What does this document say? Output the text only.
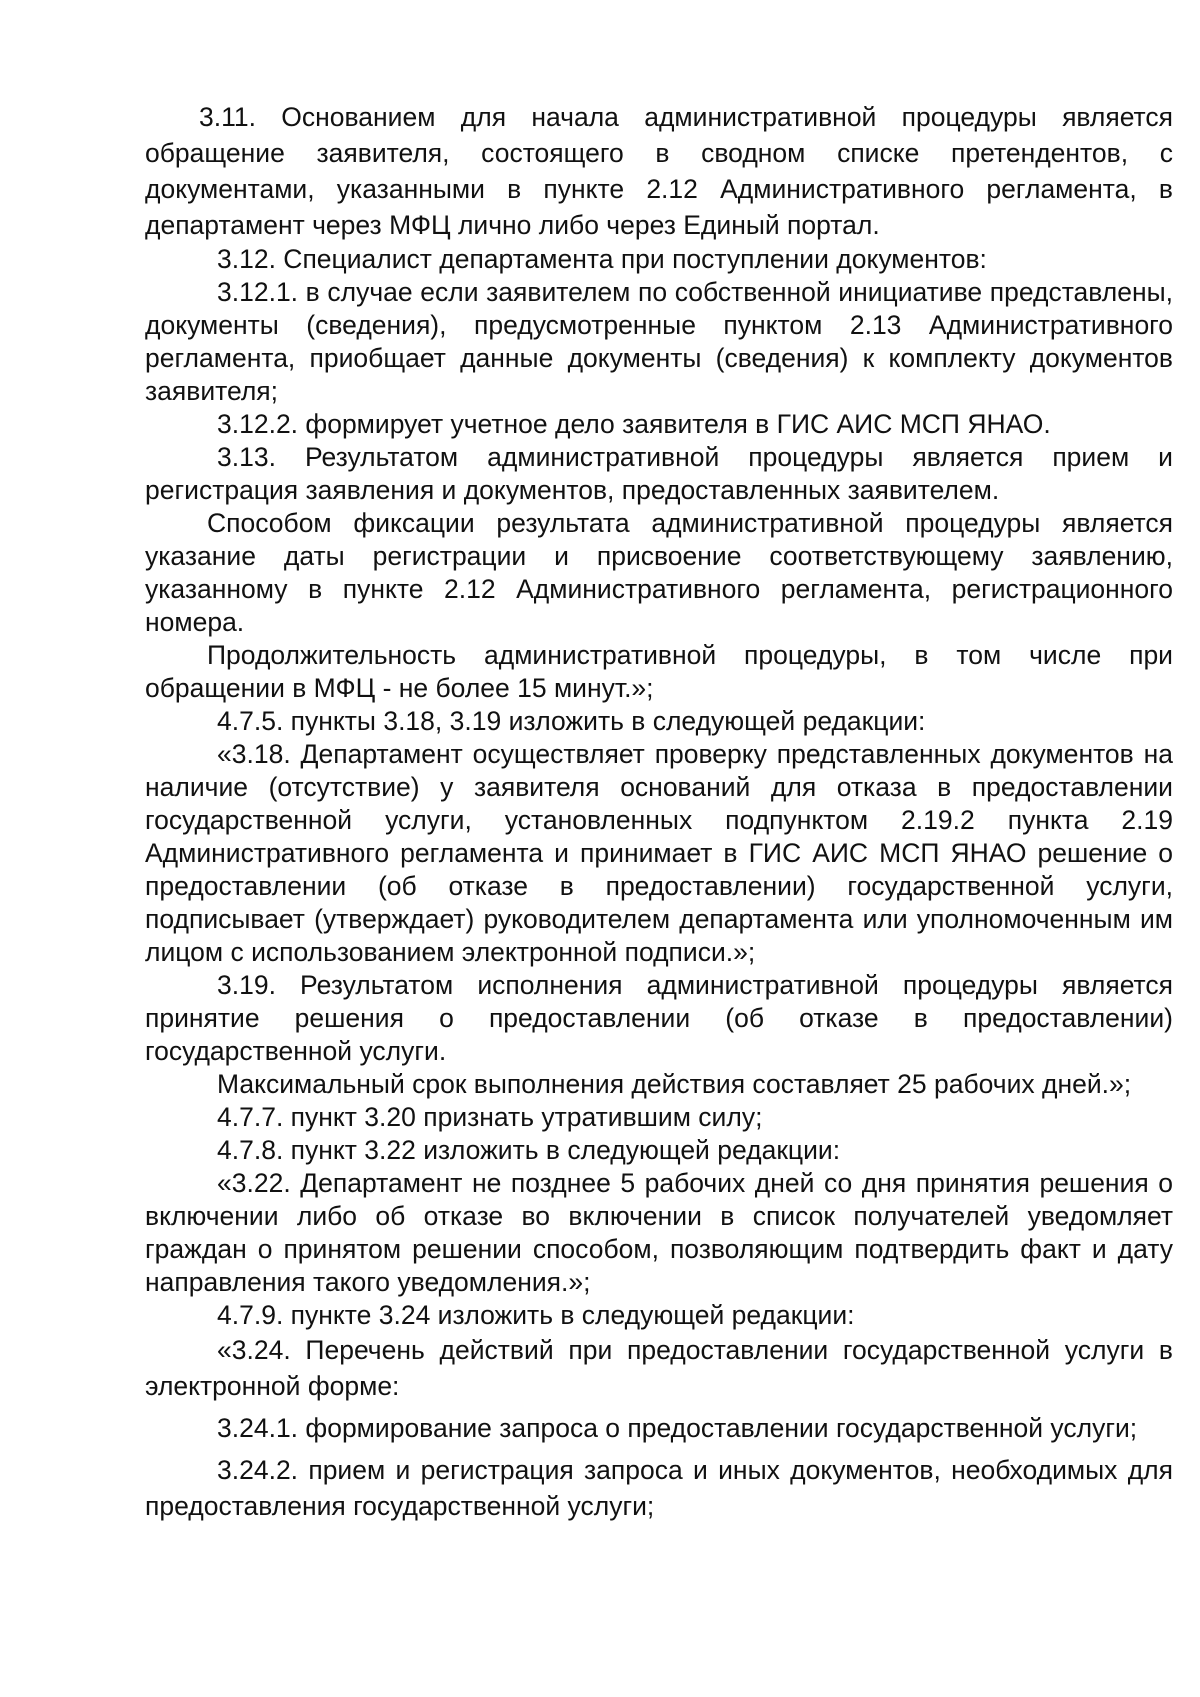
3.11. Основанием для начала административной процедуры является обращение заявителя, состоящего в сводном списке претендентов, с документами, указанными в пункте 2.12 Административного регламента, в департамент через МФЦ лично либо через Единый портал.

3.12. Специалист департамента при поступлении документов:

3.12.1. в случае если заявителем по собственной инициативе представлены, документы (сведения), предусмотренные пунктом 2.13 Административного регламента, приобщает данные документы (сведения) к комплекту документов заявителя;

3.12.2. формирует учетное дело заявителя в ГИС АИС МСП ЯНАО.

3.13. Результатом административной процедуры является прием и регистрация заявления и документов, предоставленных заявителем.

Способом фиксации результата административной процедуры является указание даты регистрации и присвоение соответствующему заявлению, указанному в пункте 2.12 Административного регламента, регистрационного номера.

Продолжительность административной процедуры, в том числе при обращении в МФЦ - не более 15 минут.»;

4.7.5. пункты 3.18, 3.19 изложить в следующей редакции:

«3.18. Департамент осуществляет проверку представленных документов на наличие (отсутствие) у заявителя оснований для отказа в предоставлении государственной услуги, установленных подпунктом 2.19.2 пункта 2.19 Административного регламента и принимает в ГИС АИС МСП ЯНАО решение о предоставлении (об отказе в предоставлении) государственной услуги, подписывает (утверждает) руководителем департамента или уполномоченным им лицом с использованием электронной подписи.»;

3.19. Результатом исполнения административной процедуры является принятие решения о предоставлении (об отказе в предоставлении) государственной услуги.

Максимальный срок выполнения действия составляет 25 рабочих дней.»;

4.7.7. пункт 3.20 признать утратившим силу;

4.7.8. пункт 3.22 изложить в следующей редакции:

«3.22. Департамент не позднее 5 рабочих дней со дня принятия решения о включении либо об отказе во включении в список получателей уведомляет граждан о принятом решении способом, позволяющим подтвердить факт и дату направления такого уведомления.»;

4.7.9. пункте 3.24 изложить в следующей редакции:

«3.24. Перечень действий при предоставлении государственной услуги в электронной форме:

3.24.1. формирование запроса о предоставлении государственной услуги;

3.24.2. прием и регистрация запроса и иных документов, необходимых для предоставления государственной услуги;
